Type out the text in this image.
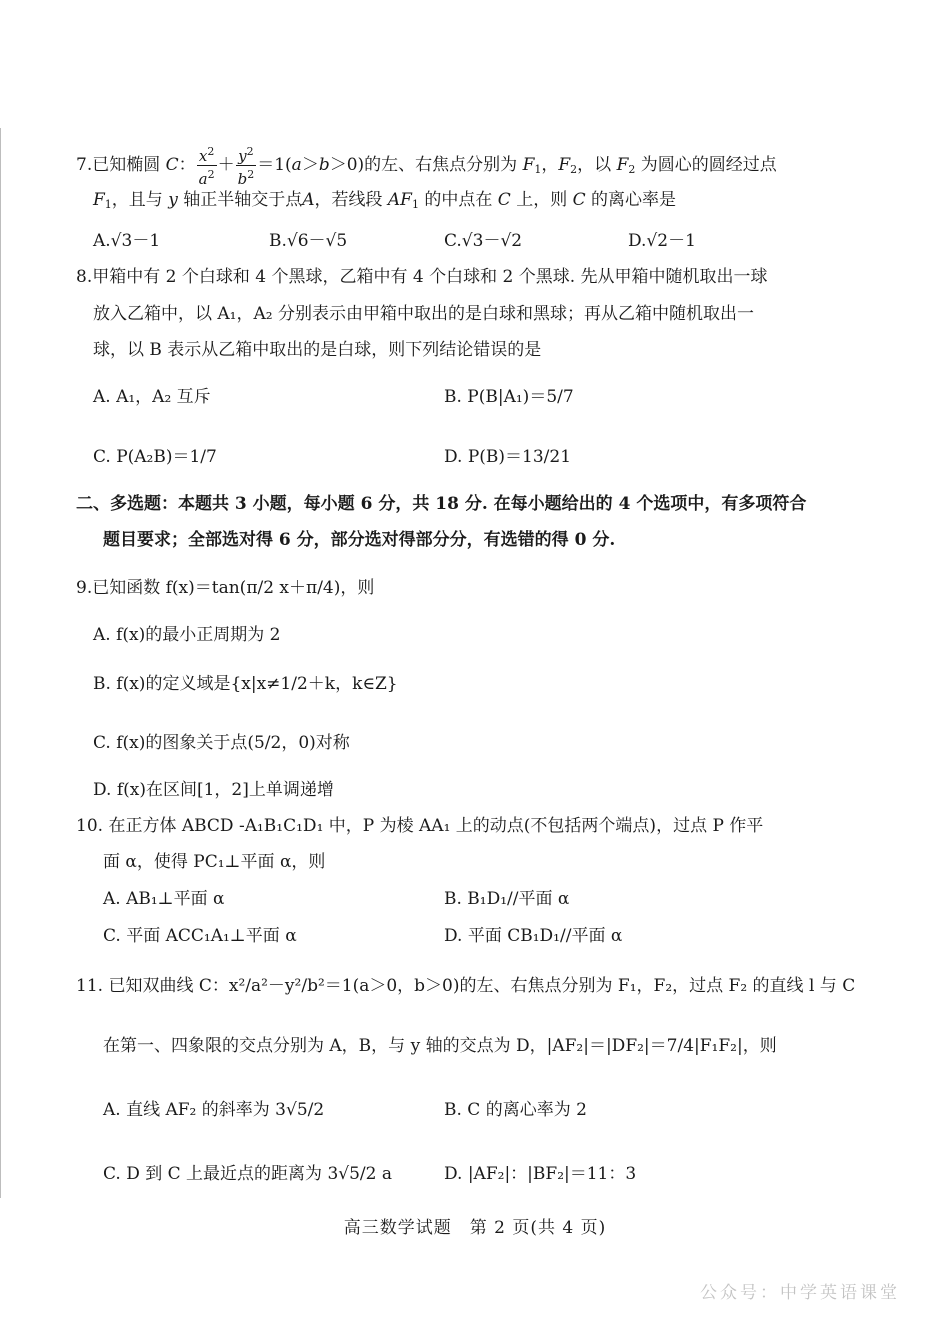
7.已知椭圆 C： $\frac{x^2}{a^2} + \frac{y^2}{b^2} =1(a>b>0)$的左、右焦点分别为 $F_1$，$F_2$，以 $F_2$ 为圆心的圆经过点
$F_1$，且与 y 轴正半轴交于点A，若线段 $AF_1$ 的中点在 C 上，则 C 的离心率是
A.√3－1	B.√6－√5	C.√3－√2	D.√2－1
8.甲箱中有 2 个白球和 4 个黑球，乙箱中有 4 个白球和 2 个黑球. 先从甲箱中随机取出一球
放入乙箱中，以 A₁，A₂ 分别表示由甲箱中取出的是白球和黑球；再从乙箱中随机取出一
球，以 B 表示从乙箱中取出的是白球，则下列结论错误的是
A. A₁，A₂ 互斥	B. P(B|A₁)＝5/7
C. P(A₂B)＝1/7	D. P(B)＝13/21
二、多选题：本题共 3 小题，每小题 6 分，共 18 分. 在每小题给出的 4 个选项中，有多项符合
题目要求；全部选对得 6 分，部分选对得部分分，有选错的得 0 分.
9.已知函数 f(x)＝tan(π/2 x＋π/4)，则
A. f(x)的最小正周期为 2
B. f(x)的定义域是{x|x≠1/2＋k，k∈Z}
C. f(x)的图象关于点(5/2，0)对称
D. f(x)在区间[1，2]上单调递增
10. 在正方体 ABCD -A₁B₁C₁D₁ 中，P 为棱 AA₁ 上的动点(不包括两个端点)，过点 P 作平
面 α，使得 PC₁⊥平面 α，则
A. AB₁⊥平面 α	B. B₁D₁//平面 α
C. 平面 ACC₁A₁⊥平面 α	D. 平面 CB₁D₁//平面 α
11. 已知双曲线 C：x²/a²－y²/b²＝1(a＞0，b＞0)的左、右焦点分别为 F₁，F₂，过点 F₂ 的直线 l 与 C
在第一、四象限的交点分别为 A，B，与 y 轴的交点为 D，|AF₂|＝|DF₂|＝7/4|F₁F₂|，则
A. 直线 AF₂ 的斜率为 3√5/2	B. C 的离心率为 2
C. D 到 C 上最近点的距离为 3√5/2 a	D. |AF₂|：|BF₂|＝11：3
高三数学试题　第 2 页(共 4 页)
公众号：中学英语课堂
